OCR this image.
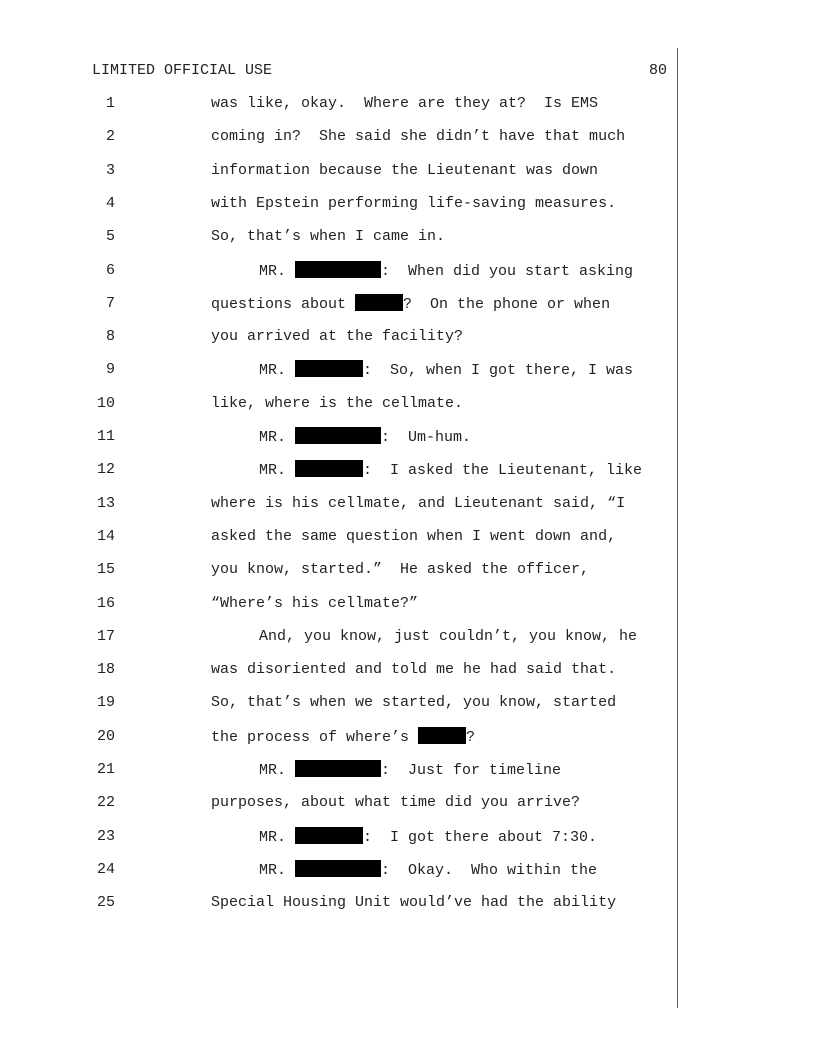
LIMITED OFFICIAL USE	80
1	was like, okay.  Where are they at?  Is EMS
2	coming in?  She said she didn’t have that much
3	information because the Lieutenant was down
4	with Epstein performing life-saving measures.
5	So, that’s when I came in.
6	MR.	:  When did you start asking
7	questions about	?  On the phone or when
8	you arrived at the facility?
9	MR.	:  So, when I got there, I was
10	like, where is the cellmate.
11	MR.	:  Um-hum.
12	MR.	:  I asked the Lieutenant, like
13	where is his cellmate, and Lieutenant said, “I
14	asked the same question when I went down and,
15	you know, started.”  He asked the officer,
16	“Where’s his cellmate?”
17	And, you know, just couldn’t, you know, he
18	was disoriented and told me he had said that.
19	So, that’s when we started, you know, started
20	the process of where’s	?
21	MR.	:  Just for timeline
22	purposes, about what time did you arrive?
23	MR.	:  I got there about 7:30.
24	MR.	:  Okay.  Who within the
25	Special Housing Unit would’ve had the ability
